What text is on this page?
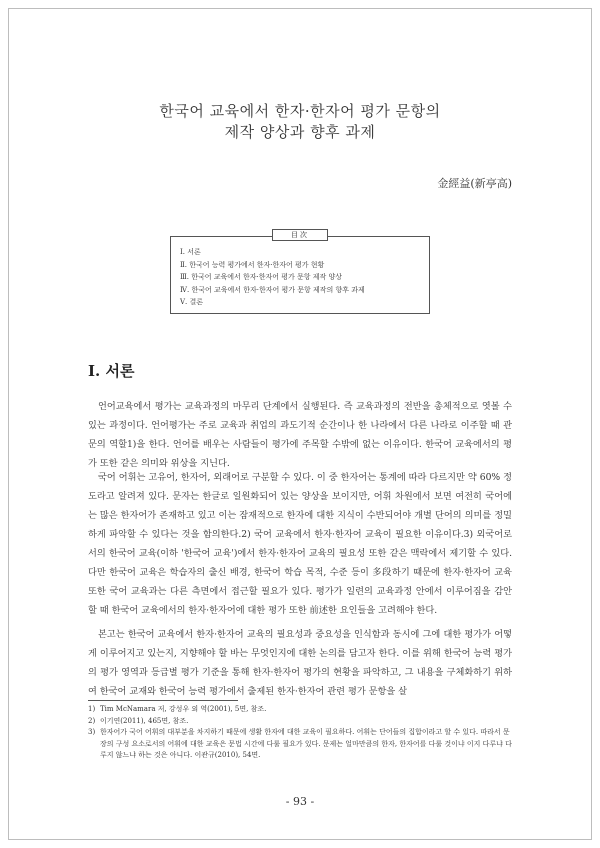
한국어 교육에서 한자·한자어 평가 문항의
제작 양상과 향후 과제
金經益(新亭高)
目次
Ⅰ. 서론
Ⅱ. 한국어 능력 평가에서 한자·한자어 평가 현황
Ⅲ. 한국어 교육에서 한자·한자어 평가 문항 제작 양상
Ⅳ. 한국어 교육에서 한자·한자어 평가 문항 제작의 향후 과제
Ⅴ. 결론
Ⅰ. 서론

언어교육에서 평가는 교육과정의 마무리 단계에서 실행된다. 즉 교육과정의 전반을 총체적으로 엿볼 수 있는 과정이다. 언어평가는 주로 교육과 취업의 과도기적 순간이나 한 나라에서 다른 나라로 이주할 때 관문의 역할1)을 한다. 언어를 배우는 사람들이 평가에 주목할 수밖에 없는 이유이다. 한국어 교육에서의 평가 또한 같은 의미와 위상을 지닌다.

국어 어휘는 고유어, 한자어, 외래어로 구분할 수 있다. 이 중 한자어는 통계에 따라 다르지만 약 60% 정도라고 알려져 있다. 문자는 한글로 일원화되어 있는 양상을 보이지만, 어휘 차원에서 보면 여전히 국어에는 많은 한자어가 존재하고 있고 이는 잠재적으로 한자에 대한 지식이 수반되어야 개별 단어의 의미를 정밀하게 파악할 수 있다는 것을 함의한다.2) 국어 교육에서 한자·한자어 교육이 필요한 이유이다.3) 외국어로서의 한국어 교육(이하 '한국어 교육')에서 한자·한자어 교육의 필요성 또한 같은 맥락에서 제기할 수 있다. 다만 한국어 교육은 학습자의 출신 배경, 한국어 학습 목적, 수준 등이 多段하기 때문에 한자·한자어 교육 또한 국어 교육과는 다른 측면에서 접근할 필요가 있다. 평가가 일련의 교육과정 안에서 이루어짐을 감안 할 때 한국어 교육에서의 한자·한자어에 대한 평가 또한 前述한 요인들을 고려해야 한다.

본고는 한국어 교육에서 한자·한자어 교육의 필요성과 중요성을 인식함과 동시에 그에 대한 평가가 어떻게 이루어지고 있는지, 지향해야 할 바는 무엇인지에 대한 논의를 담고자 한다. 이를 위해 한국어 능력 평가의 평가 영역과 등급별 평가 기준을 통해 한자·한자어 평가의 현황을 파악하고, 그 내용을 구체화하기 위하여 한국어 교재와 한국어 능력 평가에서 출제된 한자·한자어 관련 평가 문항을 살

1) Tim McNamara 저, 강성우 외 역(2001), 5면, 참조.
2) 이기연(2011), 465면, 참조.
3) 한자어가 국어 어휘의 대부분을 차지하기 때문에 생활 한자에 대한 교육이 필요하다. 어휘는 단어들의 집합이라고 할 수 있다. 따라서 문장의 구성 요소로서의 어휘에 대한 교육은 문법 시간에 다룰 필요가 있다. 문제는 얼마만큼의 한자, 한자어를 다룰 것이냐 이지 다루냐 다루지 않느냐 하는 것은 아니다. 이관규(2010), 54면.
- 93 -
